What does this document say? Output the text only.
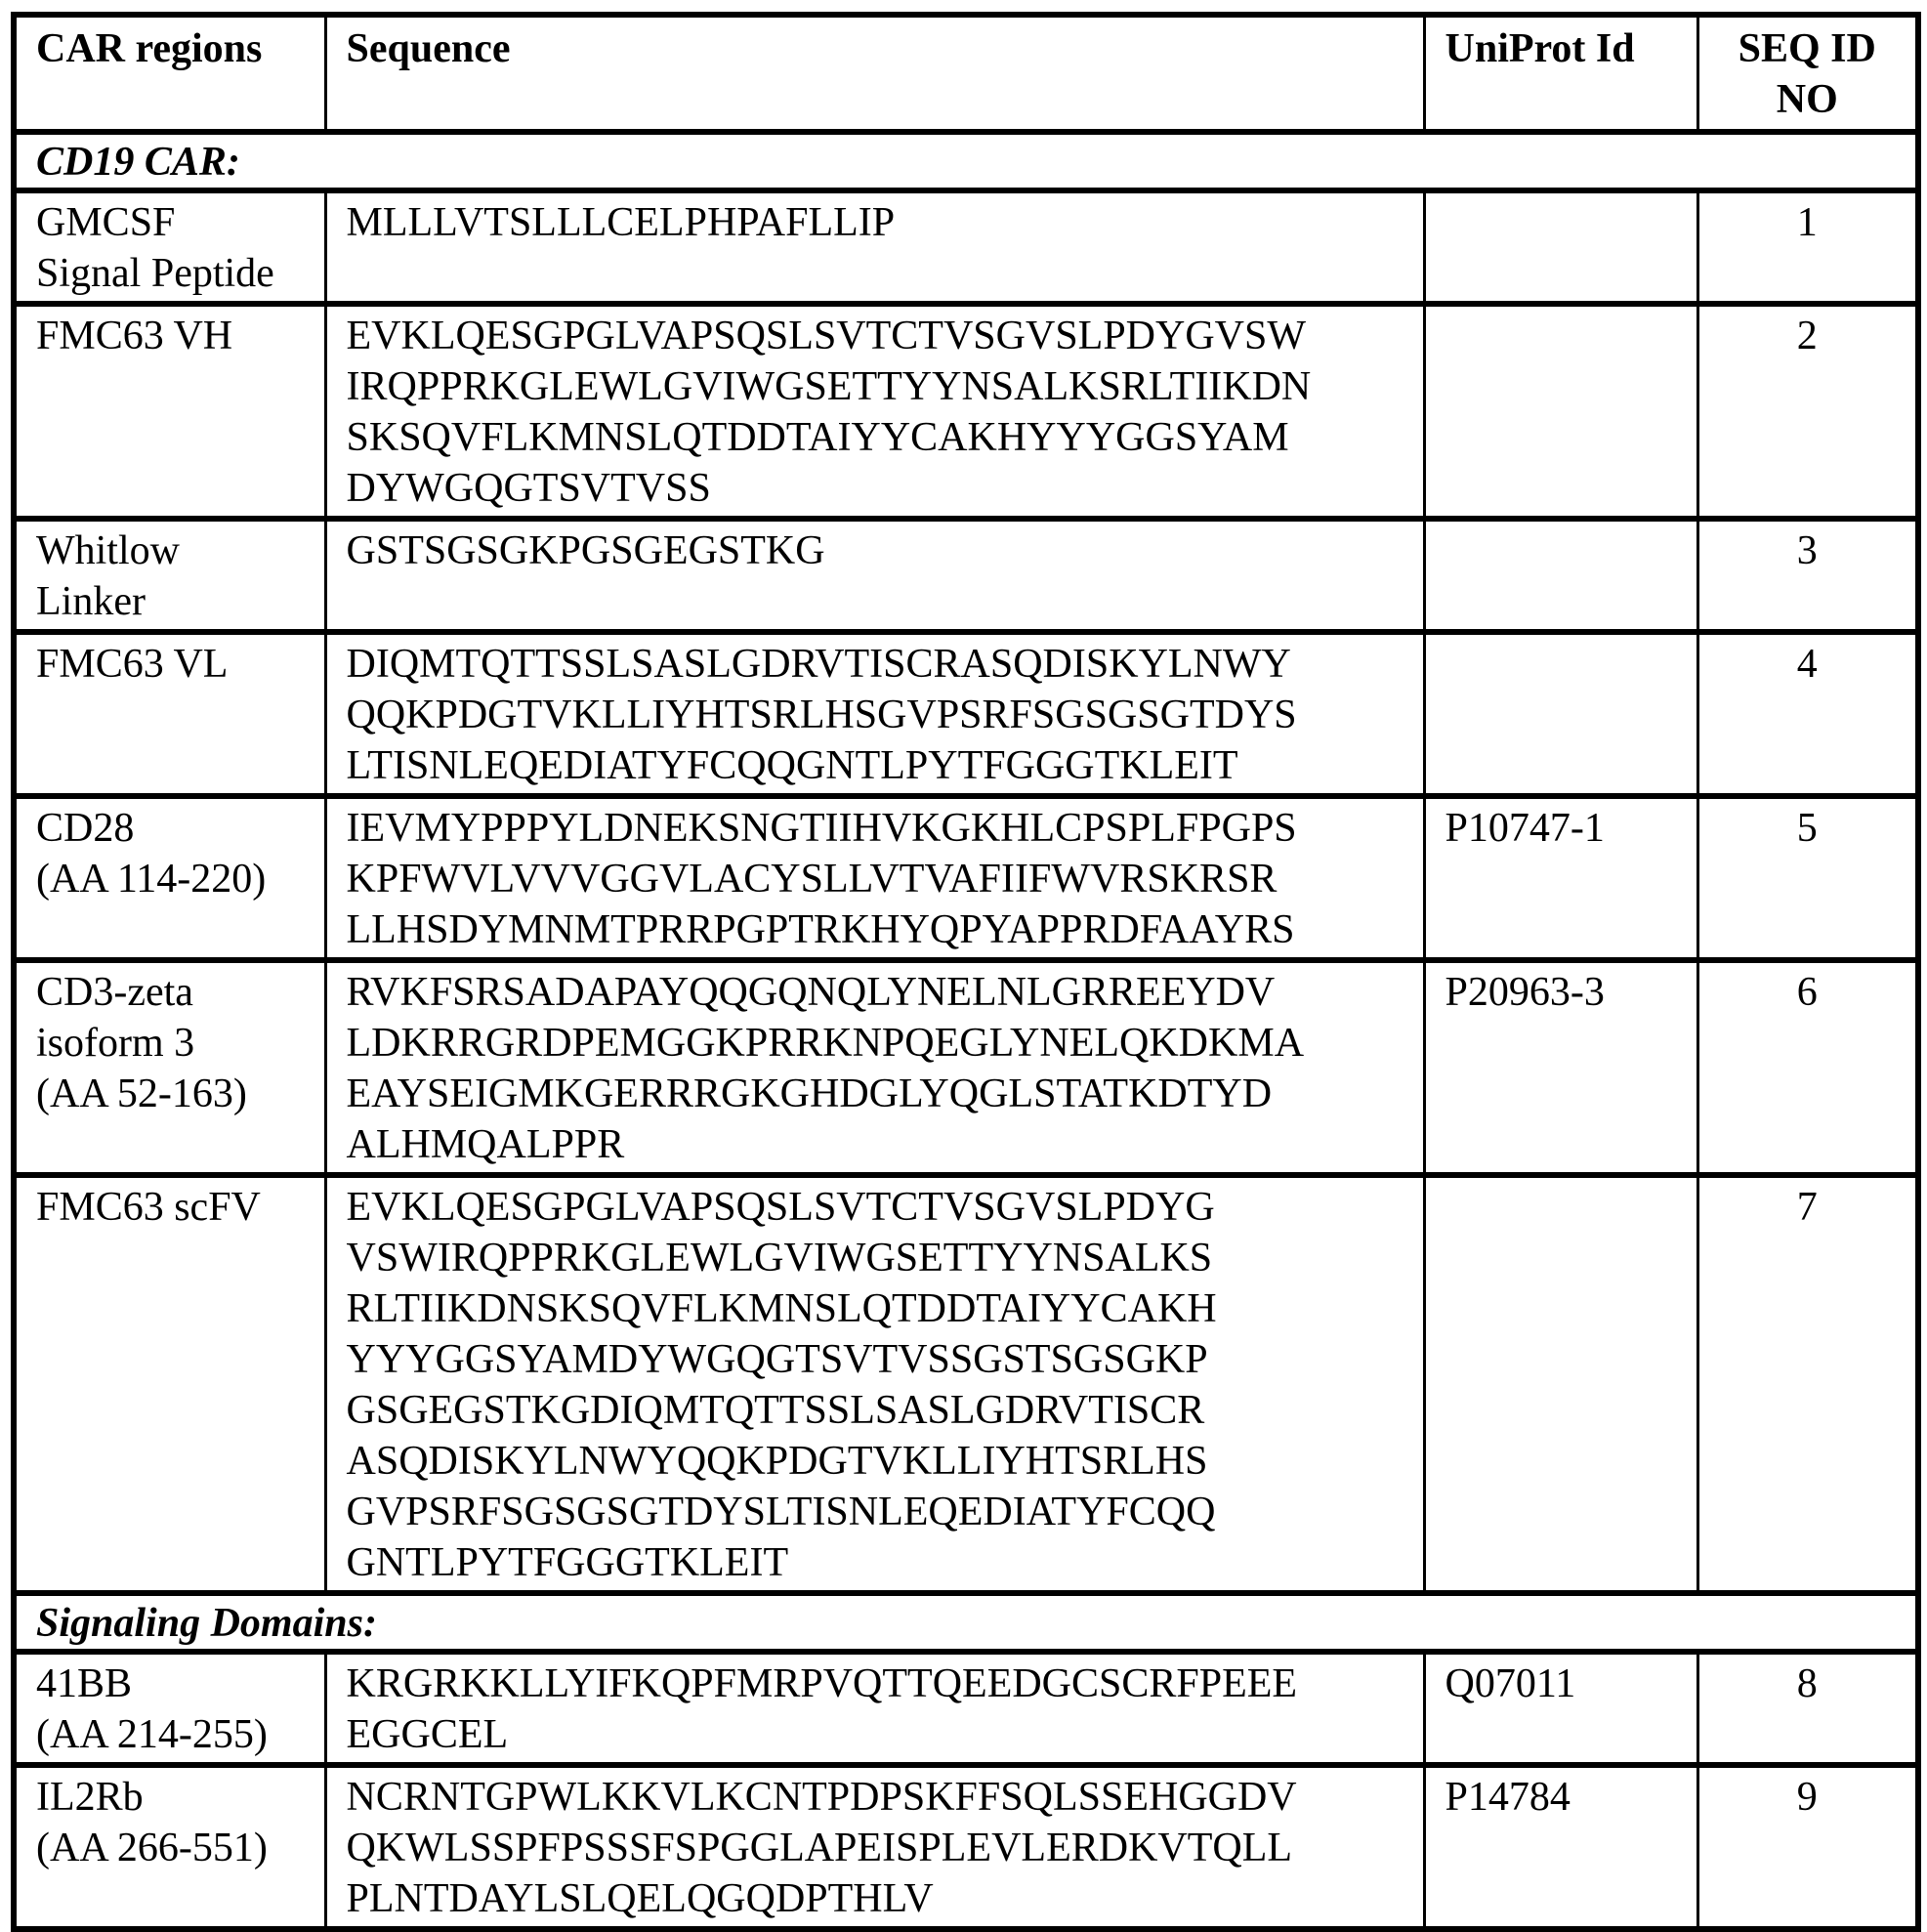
CAR regions	Sequence	UniProt Id	SEQ ID
NO

CD19 CAR:			

GMCSF
Signal Peptide	MLLLVTSLLLCELPHPAFLLIP		1

FMC63 VH	EVKLQESGPGLVAPSQSLSVTCTVSGVSLPDYGVSW
IRQPPRKGLEWLGVIWGSETTYYNSALKSRLTIIKDN
SKSQVFLKMNSLQTDDTAIYYCAKHYYYGGSYAM
DYWGQGTSVTVSS		2

Whitlow
Linker	GSTSGSGKPGSGEGSTKG		3

FMC63 VL	DIQMTQTTSSLSASLGDRVTISCRASQDISKYLNWY
QQKPDGTVKLLIYHTSRLHSGVPSRFSGSGSGTDYS
LTISNLEQEDIATYFCQQGNTLPYTFGGGTKLEIT		4

CD28
(AA 114-220)	IEVMYPPPYLDNEKSNGTIIHVKGKHLCPSPLFPGPS
KPFWVLVVVGGVLACYSLLVTVAFIIFWVRSKRSR
LLHSDYMNMTPRRPGPTRKHYQPYAPPRDFAAYRS	P10747-1	5

CD3-zeta
isoform 3
(AA 52-163)	RVKFSRSADAPAYQQGQNQLYNELNLGRREEYDV
LDKRRGRDPEMGGKPRRKNPQEGLYNELQKDKMA
EAYSEIGMKGERRRGKGHDGLYQGLSTATKDTYD
ALHMQALPPR	P20963-3	6

FMC63 scFV	EVKLQESGPGLVAPSQSLSVTCTVSGVSLPDYG
VSWIRQPPRKGLEWLGVIWGSETTYYNSALKS
RLTIIKDNSKSQVFLKMNSLQTDDTAIYYCAKH
YYYGGSYAMDYWGQGTSVTVSSGSTSGSGKP
GSGEGSTKGDIQMTQTTSSLSASLGDRVTISCR
ASQDISKYLNWYQQKPDGTVKLLIYHTSRLHS
GVPSRFSGSGSGTDYSLTISNLEQEDIATYFCQQ
GNTLPYTFGGGTKLEIT
		7
Signaling Domains:			

41BB
(AA 214-255)	KRGRKKLLYIFKQPFMRPVQTTQEEDGCSCRFPEEE
EGGCEL	Q07011	8

IL2Rb
(AA 266-551)	NCRNTGPWLKKVLKCNTPDPSKFFSQLSSEHGGDV
QKWLSSPFPSSSFSPGGLAPEISPLEVLERDKVTQLL
PLNTDAYLSLQELQGQDPTHLV	P14784	9
